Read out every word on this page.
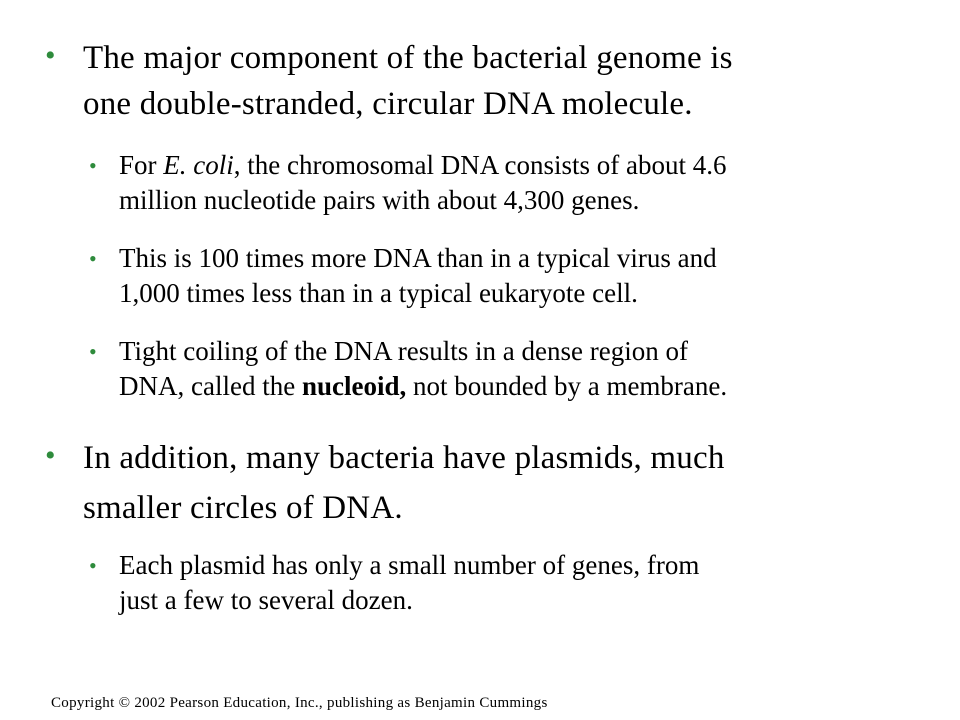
• The major component of the bacterial genome is
one double-stranded, circular DNA molecule.
• For E. coli, the chromosomal DNA consists of about 4.6
million nucleotide pairs with about 4,300 genes.
• This is 100 times more DNA than in a typical virus and
1,000 times less than in a typical eukaryote cell.
• Tight coiling of the DNA results in a dense region of
DNA, called the nucleoid, not bounded by a membrane.
• In addition, many bacteria have plasmids, much
smaller circles of DNA.
• Each plasmid has only a small number of genes, from
just a few to several dozen.
Copyright © 2002 Pearson Education, Inc., publishing as Benjamin Cummings
